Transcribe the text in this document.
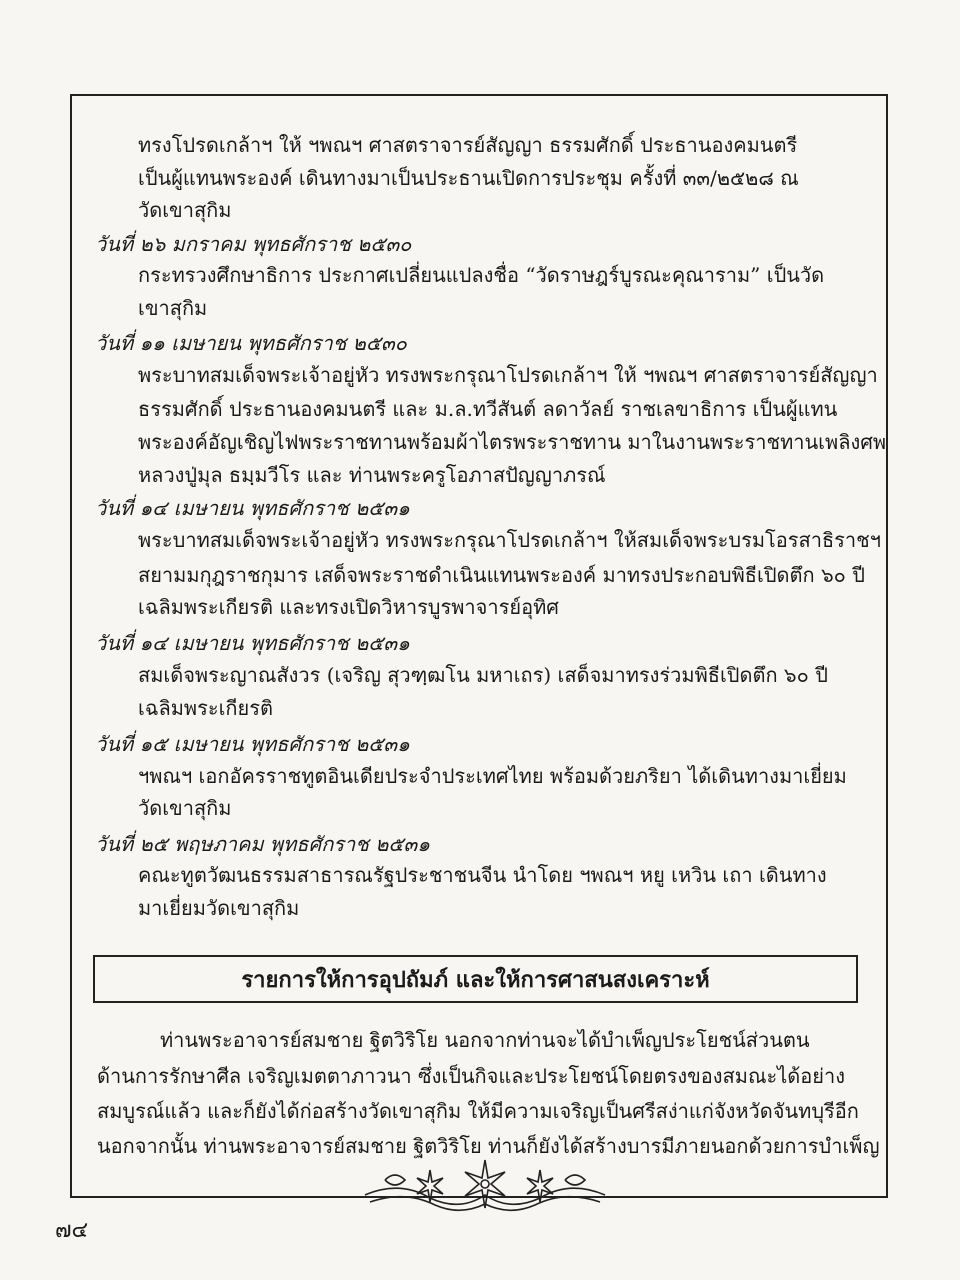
ทรงโปรดเกล้าฯ ให้ ฯพณฯ ศาสตราจารย์สัญญา ธรรมศักดิ์ ประธานองคมนตรี
เป็นผู้แทนพระองค์ เดินทางมาเป็นประธานเปิดการประชุม ครั้งที่ ๓๓/๒๕๒๘ ณ
วัดเขาสุกิม
วันที่ ๒๖ มกราคม พุทธศักราช ๒๕๓๐
กระทรวงศึกษาธิการ ประกาศเปลี่ยนแปลงชื่อ “วัดราษฎร์บูรณะคุณาราม” เป็นวัด
เขาสุกิม
วันที่ ๑๑ เมษายน พุทธศักราช ๒๕๓๐
พระบาทสมเด็จพระเจ้าอยู่หัว ทรงพระกรุณาโปรดเกล้าฯ ให้ ฯพณฯ ศาสตราจารย์สัญญา
ธรรมศักดิ์ ประธานองคมนตรี และ ม.ล.ทวีสันต์ ลดาวัลย์ ราชเลขาธิการ เป็นผู้แทน
พระองค์อัญเชิญไฟพระราชทานพร้อมผ้าไตรพระราชทาน มาในงานพระราชทานเพลิงศพ
หลวงปู่มุล ธมฺมวีโร และ ท่านพระครูโอภาสปัญญาภรณ์
วันที่ ๑๔ เมษายน พุทธศักราช ๒๕๓๑
พระบาทสมเด็จพระเจ้าอยู่หัว ทรงพระกรุณาโปรดเกล้าฯ ให้สมเด็จพระบรมโอรสาธิราชฯ
สยามมกุฎราชกุมาร เสด็จพระราชดำเนินแทนพระองค์ มาทรงประกอบพิธีเปิดตึก ๖๐ ปี
เฉลิมพระเกียรติ และทรงเปิดวิหารบูรพาจารย์อุทิศ
วันที่ ๑๔ เมษายน พุทธศักราช ๒๕๓๑
สมเด็จพระญาณสังวร (เจริญ สุวฑฺฒโน มหาเถร) เสด็จมาทรงร่วมพิธีเปิดตึก ๖๐ ปี
เฉลิมพระเกียรติ
วันที่ ๑๕ เมษายน พุทธศักราช ๒๕๓๑
ฯพณฯ เอกอัครราชทูตอินเดียประจำประเทศไทย พร้อมด้วยภริยา ได้เดินทางมาเยี่ยม
วัดเขาสุกิม
วันที่ ๒๕ พฤษภาคม พุทธศักราช ๒๕๓๑
คณะทูตวัฒนธรรมสาธารณรัฐประชาชนจีน นำโดย ฯพณฯ หยู เหวิน เถา เดินทาง
มาเยี่ยมวัดเขาสุกิม
รายการให้การอุปถัมภ์ และให้การศาสนสงเคราะห์
ท่านพระอาจารย์สมชาย ฐิตวิริโย นอกจากท่านจะได้บำเพ็ญประโยชน์ส่วนตน
ด้านการรักษาศีล เจริญเมตตาภาวนา ซึ่งเป็นกิจและประโยชน์โดยตรงของสมณะได้อย่าง
สมบูรณ์แล้ว และก็ยังได้ก่อสร้างวัดเขาสุกิม ให้มีความเจริญเป็นศรีสง่าแก่จังหวัดจันทบุรีอีก
นอกจากนั้น ท่านพระอาจารย์สมชาย ฐิตวิริโย ท่านก็ยังได้สร้างบารมีภายนอกด้วยการบำเพ็ญ
๗๔
